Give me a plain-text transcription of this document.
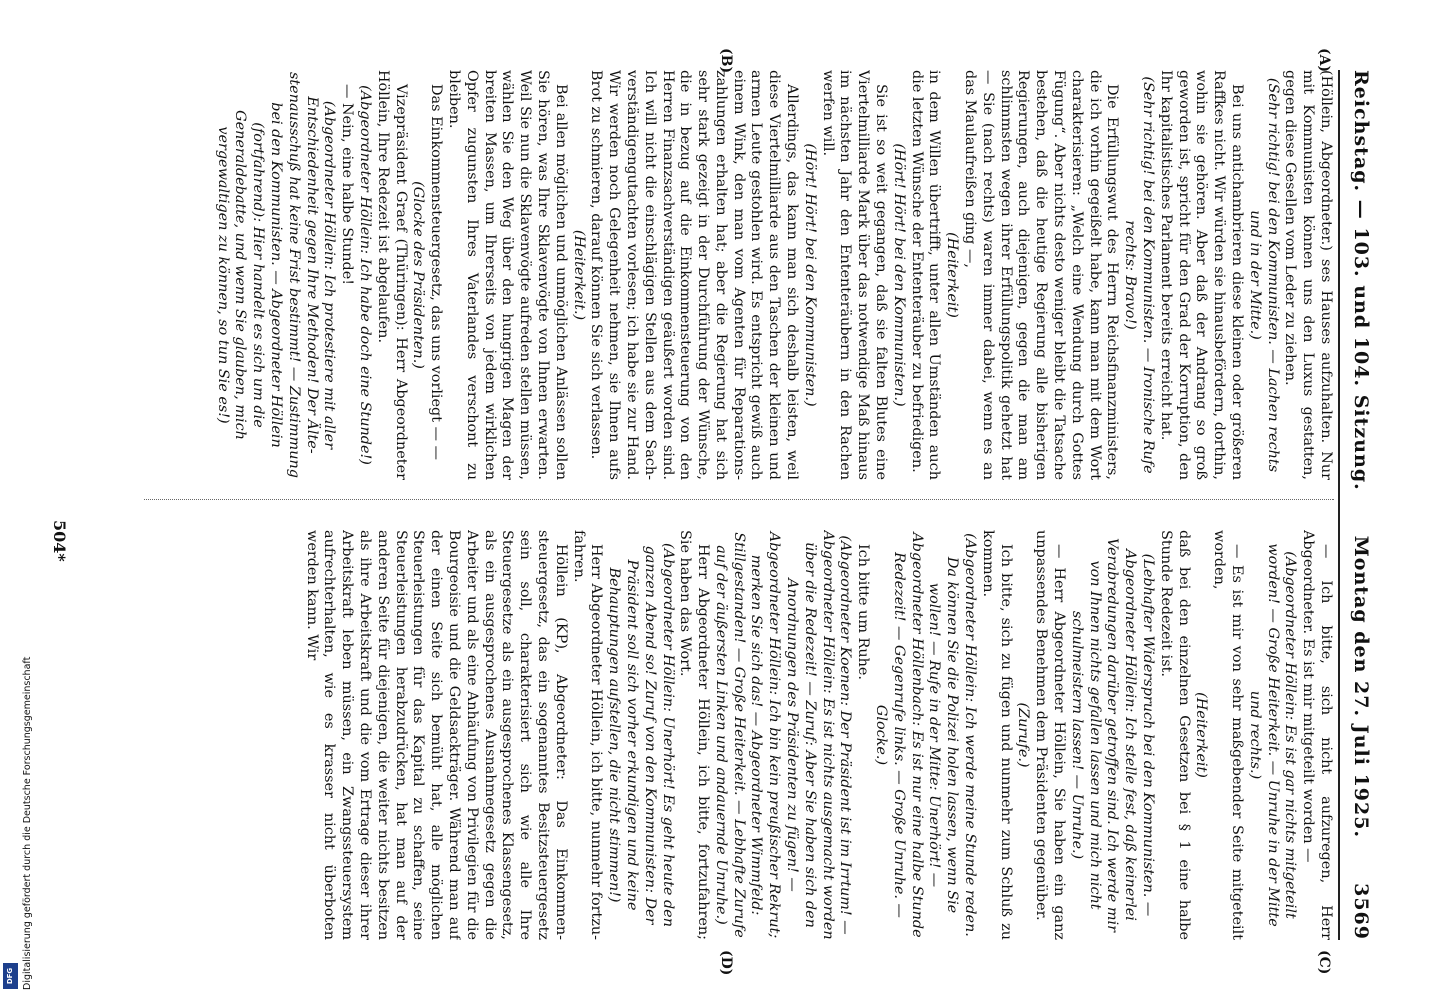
Reichstag. — 103. und 104. Sitzung.
Montag den 27. Juli 1925.
3569
(A)
(B)
(C)
(D)

(Höllein, Abgeordneter.) ses Hauses aufzuhalten. Nur mit Kommunisten können uns den Luxus gestatten, gegen diese Gesellen vom Leder zu ziehen.

(Sehr richtig! bei den Kommunisten. — Lachen rechts und in der Mitte.)

Bei uns antichambrieren diese kleinen oder größeren Raffkes nicht. Wir würden sie hinausbefördern, dorthin, wohin sie gehören. Aber daß der Andrang so groß geworden ist, spricht für den Grad der Korruption, den Ihr kapitalistisches Parlament bereits erreicht hat.

(Sehr richtig! bei den Kommunisten. — Ironische Rufe rechts: Bravo!)

Die Erfüllungswut des Herrn Reichsfinanzministers, die ich vorhin gegeißelt habe, kann man mit dem Wort charakterisieren: „Welch eine Wendung durch Gottes Fügung“. Aber nichts desto weniger bleibt die Tatsache bestehen, daß die heutige Regierung alle bisherigen Regierungen, auch diejenigen, gegen die man am schlimmsten wegen ihrer Erfüllungspolitik gehetzt hat — Sie (nach rechts) waren immer dabei, wenn es an das Maulaufreißen ging —,

(Heiterkeit)

in dem Willen übertrifft, unter allen Umständen auch die letzten Wünsche der Ententeräuber zu befriedigen.

(Hört! Hört! bei den Kommunisten.)

Sie ist so weit gegangen, daß sie falten Blutes eine Viertelmilliarde Mark über das notwendige Maß hinaus im nächsten Jahr den Ententeräubern in den Rachen werfen will.

(Hört! Hört! bei den Kommunisten.)

Allerdings, das kann man sich deshalb leisten, weil diese Viertelmilliarde aus den Taschen der kleinen und armen Leute gestohlen wird. Es entspricht gewiß auch einem Wink, den man vom Agenten für Reparationszahlungen erhalten hat; aber die Regierung hat sich sehr stark gezeigt in der Durchführung der Wünsche, die in bezug auf die Einkommensteuerung von den Herren Finanzsachverständigen geäußert worden sind. Ich will nicht die einschlägigen Stellen aus dem Sachverständigengutachten vorlesen; ich habe sie zur Hand. Wir werden noch Gelegenheit nehmen, sie Ihnen aufs Brot zu schmieren, darauf können Sie sich verlassen.

(Heiterkeit.)

Bei allen möglichen und unmöglichen Anlässen sollen Sie hören, was Ihre Sklavenvögte von Ihnen erwarten. Weil Sie nun die Sklavenvögte aufreden stellen müssen, wählen Sie den Weg über den hungrigen Magen der breiten Massen, um Ihrerseits von jedem wirklichen Opfer zugunsten Ihres Vaterlandes verschont zu bleiben.

Das Einkommensteuergesetz, das uns vorliegt — —

(Glocke des Präsidenten.)

Vizepräsident Graef (Thüringen): Herr Abgeordneter Höllein, Ihre Redezeit ist abgelaufen.

(Abgeordneter Höllein: Ich habe doch eine Stunde!)

— Nein, eine halbe Stunde!

(Abgeordneter Höllein: Ich protestiere mit aller Entschiedenheit gegen Ihre Methoden! Der Ältestenausschuß hat keine Frist bestimmt! — Zustimmung bei den Kommunisten. — Abgeordneter Höllein (fortfahrend): Hier handelt es sich um die Generaldebatte, und wenn Sie glauben, mich vergewaltigen zu können, so tun Sie es!)

— Ich bitte, sich nicht aufzuregen, Herr Abgeordneter. Es ist mir mitgeteilt worden —

(Abgeordneter Höllein: Es ist gar nichts mitgeteilt worden! — Große Heiterkeit. — Unruhe in der Mitte und rechts.)

— Es ist mir von sehr maßgebender Seite mitgeteilt worden,

(Heiterkeit)

daß bei den einzelnen Gesetzen bei § 1 eine halbe Stunde Redezeit ist.

(Lebhafter Widerspruch bei den Kommunisten. — Abgeordneter Höllein: Ich stelle fest, daß keinerlei Verabredungen darüber getroffen sind. Ich werde mir von Ihnen nichts gefallen lassen und mich nicht schulmeistern lassen! — Unruhe.)

— Herr Abgeordneter Höllein, Sie haben ein ganz unpassendes Benehmen dem Präsidenten gegenüber.

(Zurufe.)

Ich bitte, sich zu fügen und nunmehr zum Schluß zu kommen.

(Abgeordneter Höllein: Ich werde meine Stunde reden. Da können Sie die Polizei holen lassen, wenn Sie wollen! — Rufe in der Mitte: Unerhört! — Abgeordneter Höllenbach: Es ist nur eine halbe Stunde Redezeit! — Gegenrufe links. — Große Unruhe. — Glocke.)

Ich bitte um Ruhe.

(Abgeordneter Koenen: Der Präsident ist im Irrtum! — Abgeordneter Höllein: Es ist nichts ausgemacht worden über die Redezeit! — Zuruf: Aber Sie haben sich den Anordnungen des Präsidenten zu fügen! — Abgeordneter Höllein: Ich bin kein preußischer Rekrut; merken Sie sich das! — Abgeordneter Wimmfeld: Stillgestanden! — Große Heiterkeit. — Lebhafte Zurufe auf der äußersten Linken und andauernde Unruhe.)

Herr Abgeordneter Höllein, ich bitte, fortzufahren; Sie haben das Wort.

(Abgeordneter Höllein: Unerhört! Es geht heute den ganzen Abend so! Zuruf von den Kommunisten: Der Präsident soll sich vorher erkundigen und keine Behauptungen aufstellen, die nicht stimmen!)

Herr Abgeordneter Höllein, ich bitte, nunmehr fortzufahren.

Höllein (KP), Abgeordneter: Das Einkommensteuergesetz, das ein sogenanntes Besitzsteuergesetz sein soll, charakterisiert sich wie alle Ihre Steuergesetze als ein ausgesprochenes Klassengesetz, als ein ausgesprochenes Ausnahmegesetz gegen die Arbeiter und als eine Anhäufung von Privilegien für die Bourgeoisie und die Geldsackträger. Während man auf der einen Seite sich bemüht hat, alle möglichen Steuerleistungen für das Kapital zu schaffen, seine Steuerleistungen herabzudrücken, hat man auf der anderen Seite für diejenigen, die weiter nichts besitzen als ihre Arbeitskraft und die vom Ertrage dieser ihrer Arbeitskraft leben müssen, ein Zwangssteuersystem aufrechterhalten, wie es krasser nicht überboten werden kann. Wir

504*
Digitalisierung gefördert durch die Deutsche Forschungsgemeinschaft
DFG
